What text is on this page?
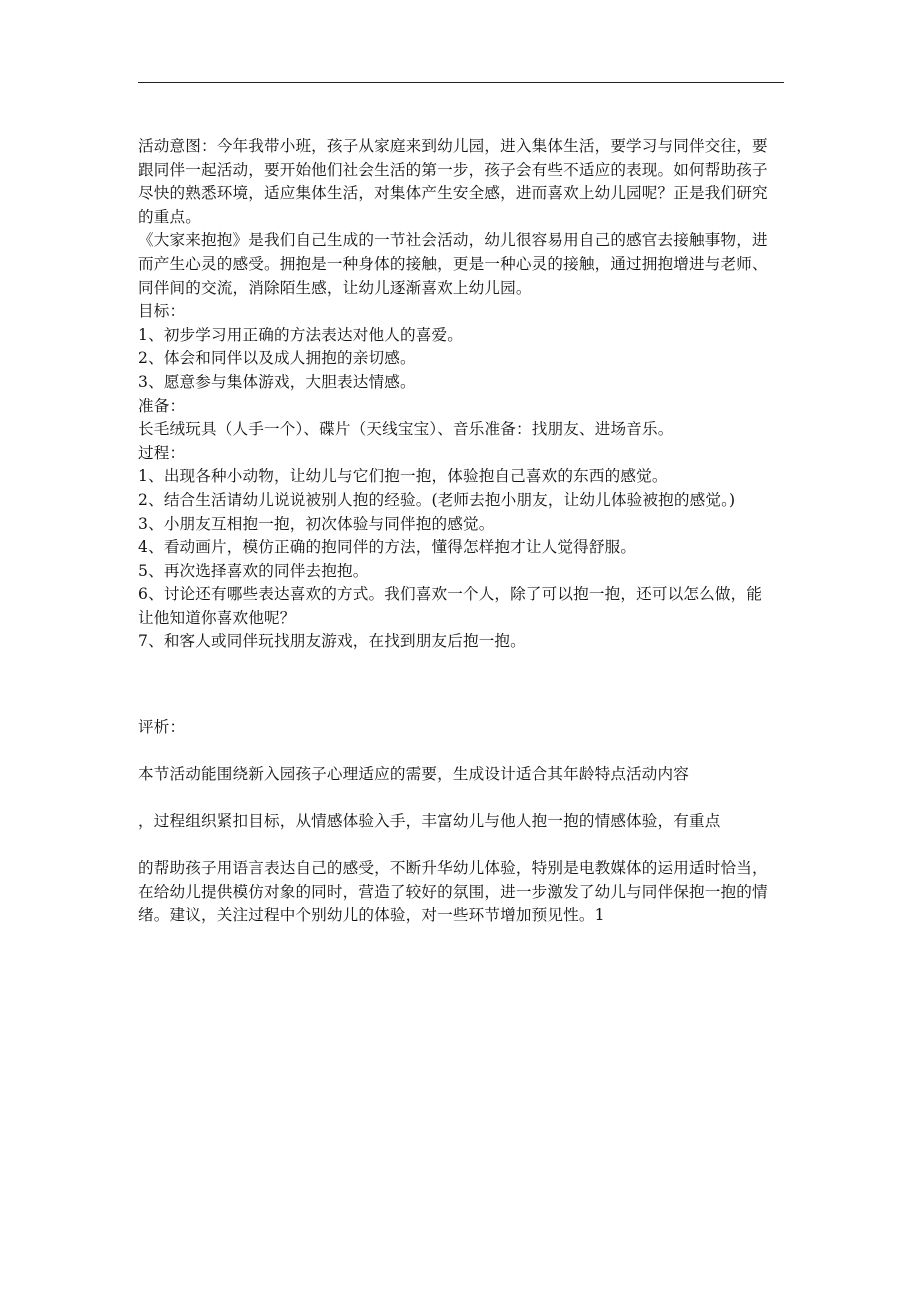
活动意图：今年我带小班，孩子从家庭来到幼儿园，进入集体生活，要学习与同伴交往，要
跟同伴一起活动，要开始他们社会生活的第一步，孩子会有些不适应的表现。如何帮助孩子
尽快的熟悉环境，适应集体生活，对集体产生安全感，进而喜欢上幼儿园呢？正是我们研究
的重点。
《大家来抱抱》是我们自己生成的一节社会活动，幼儿很容易用自己的感官去接触事物，进
而产生心灵的感受。拥抱是一种身体的接触，更是一种心灵的接触，通过拥抱增进与老师、
同伴间的交流，消除陌生感，让幼儿逐渐喜欢上幼儿园。
目标：
1、初步学习用正确的方法表达对他人的喜爱。
2、体会和同伴以及成人拥抱的亲切感。
3、愿意参与集体游戏，大胆表达情感。
准备：
长毛绒玩具（人手一个）、碟片（天线宝宝）、音乐准备：找朋友、进场音乐。
过程：
1、出现各种小动物，让幼儿与它们抱一抱，体验抱自己喜欢的东西的感觉。
2、结合生活请幼儿说说被别人抱的经验。(老师去抱小朋友，让幼儿体验被抱的感觉。)
3、小朋友互相抱一抱，初次体验与同伴抱的感觉。
4、看动画片，模仿正确的抱同伴的方法，懂得怎样抱才让人觉得舒服。
5、再次选择喜欢的同伴去抱抱。
6、讨论还有哪些表达喜欢的方式。我们喜欢一个人，除了可以抱一抱，还可以怎么做，能
让他知道你喜欢他呢？
7、和客人或同伴玩找朋友游戏，在找到朋友后抱一抱。
评析：
本节活动能围绕新入园孩子心理适应的需要，生成设计适合其年龄特点活动内容
，过程组织紧扣目标，从情感体验入手，丰富幼儿与他人抱一抱的情感体验，有重点
的帮助孩子用语言表达自己的感受，不断升华幼儿体验，特别是电教媒体的运用适时恰当，
在给幼儿提供模仿对象的同时，营造了较好的氛围，进一步激发了幼儿与同伴保抱一抱的情
绪。建议，关注过程中个别幼儿的体验，对一些环节增加预见性。1
